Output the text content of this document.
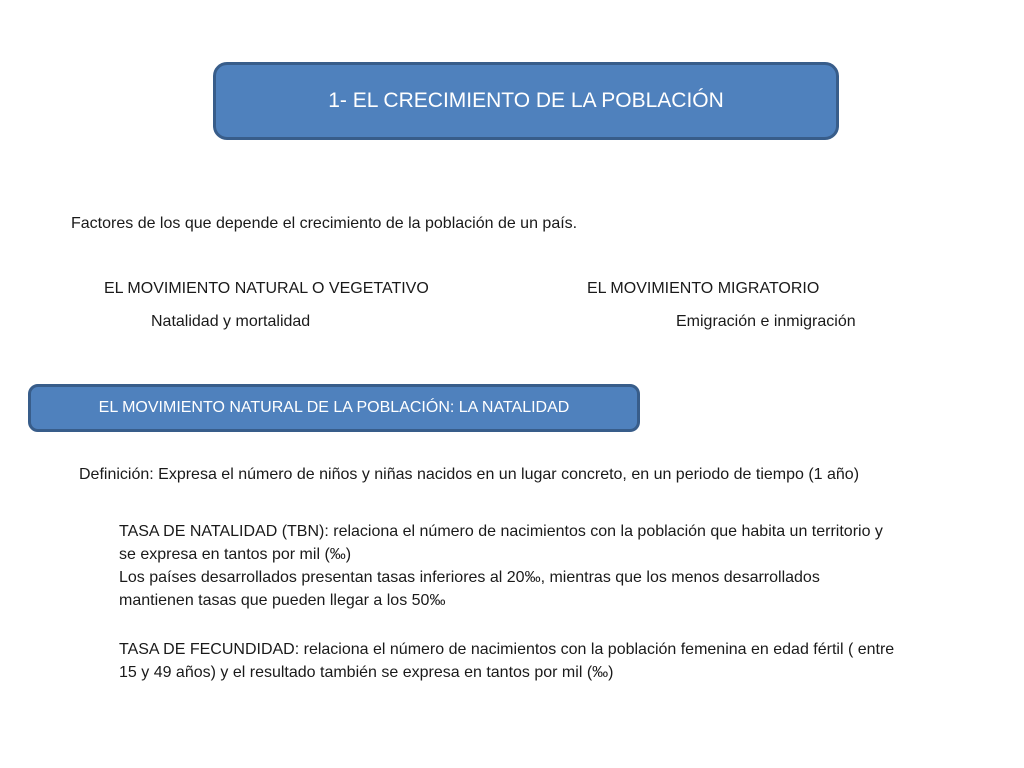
1- EL CRECIMIENTO DE LA POBLACIÓN
Factores de los que depende el crecimiento de la población de un país.
EL MOVIMIENTO NATURAL O VEGETATIVO
Natalidad y mortalidad
EL MOVIMIENTO MIGRATORIO
Emigración e inmigración
EL MOVIMIENTO NATURAL DE LA POBLACIÓN: LA NATALIDAD
Definición: Expresa el número de niños y niñas nacidos en un lugar concreto, en un periodo de tiempo (1 año)

TASA DE NATALIDAD (TBN): relaciona el número de nacimientos con la población que habita un territorio y

se expresa en tantos por mil (‰)

Los países desarrollados presentan tasas inferiores al 20‰, mientras que los menos desarrollados

mantienen tasas que pueden llegar a los 50‰

TASA DE FECUNDIDAD: relaciona el número de nacimientos con la población femenina en edad fértil ( entre

15 y 49 años) y el resultado también se expresa en tantos por mil (‰)
